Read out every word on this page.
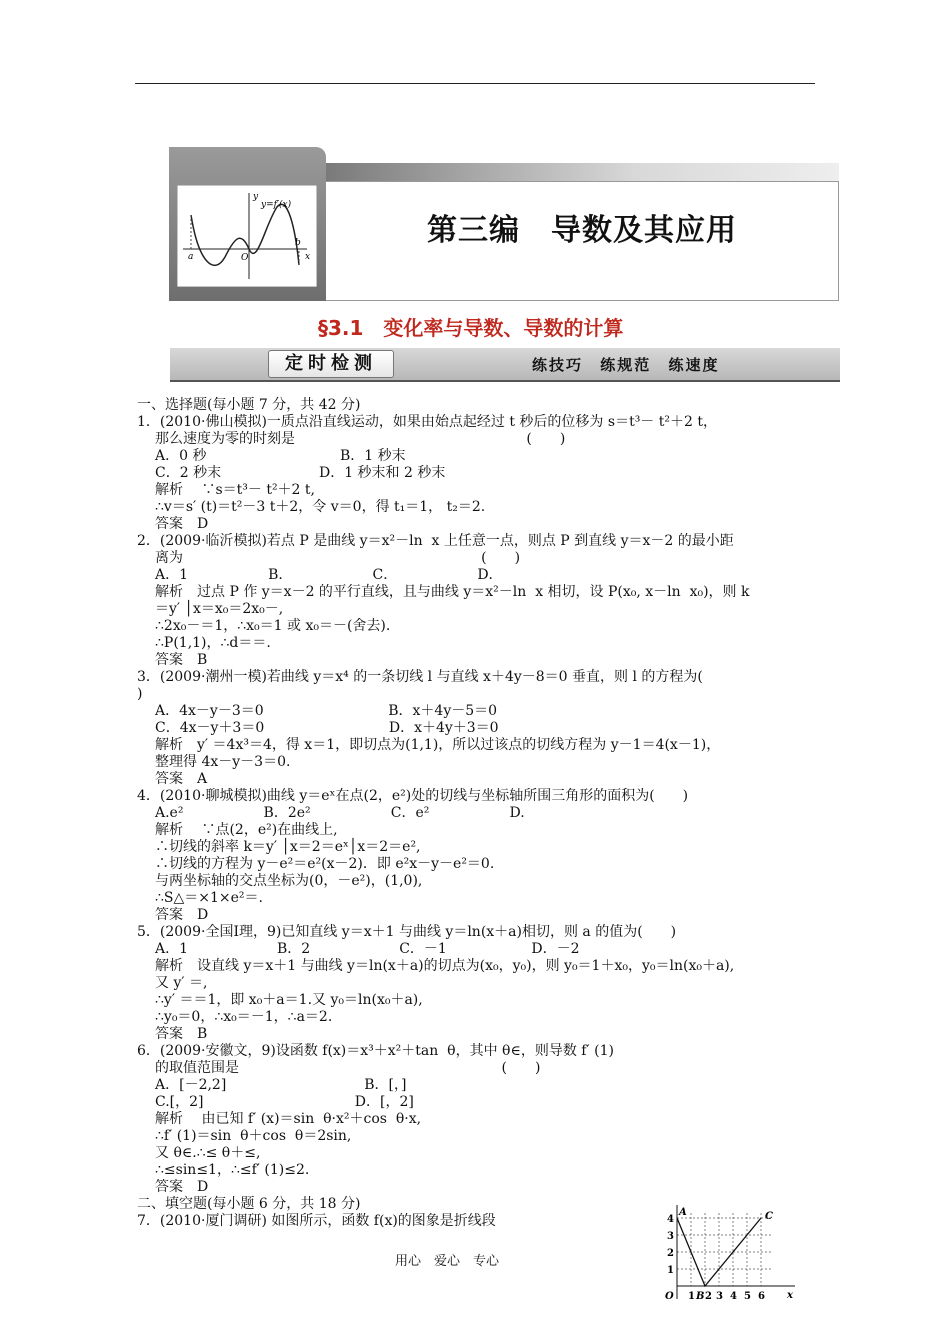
y
x
O
a
b
y=f′(x)
第三编　导数及其应用
§3.1　变化率与导数、导数的计算
定时检测	练技巧 练规范 练速度
一、选择题(每小题 7 分，共 42 分)
1．(2010·佛山模拟)一质点沿直线运动，如果由始点起经过 t 秒后的位移为 s＝t³－ t²＋2 t，
那么速度为零的时刻是                                                    (　　)
A．0 秒                              B．1 秒末
C．2 秒末                      D．1 秒末和 2 秒末
解析　 ∵s＝t³－ t²＋2 t,
∴v＝s′ (t)＝t²－3 t＋2，令 v＝0，得 t₁＝1， t₂＝2.
答案　D
2．(2009·临沂模拟)若点 P 是曲线 y＝x²－ln  x 上任意一点，则点 P 到直线 y＝x－2 的最小距
离为                                                                   (　　)
A．1                  B．                  C．                  D．
解析　过点 P 作 y＝x－2 的平行直线，且与曲线 y＝x²－ln  x 相切，设 P(x₀, x－ln  x₀)，则 k
＝y′ │x＝x₀＝2x₀－,
∴2x₀－＝1，∴x₀＝1 或 x₀＝－(舍去).
∴P(1,1)，∴d＝＝.
答案　B
3．(2009·潮州一模)若曲线 y＝x⁴ 的一条切线 l 与直线 x＋4y－8＝0 垂直，则 l 的方程为(
)
A．4x－y－3＝0                            B．x＋4y－5＝0
C．4x－y＋3＝0                            D．x＋4y＋3＝0
解析　y′ ＝4x³＝4，得 x＝1，即切点为(1,1)，所以过该点的切线方程为 y－1＝4(x－1)，
整理得 4x－y－3＝0.
答案　A
4．(2010·聊城模拟)曲线 y＝eˣ在点(2，e²)处的切线与坐标轴所围三角形的面积为(　　)
A.e²                  B．2e²                  C．e²                  D.
解析　 ∵点(2，e²)在曲线上,
∴切线的斜率 k＝y′ │x＝2＝eˣ│x＝2＝e²,
∴切线的方程为 y－e²＝e²(x－2)．即 e²x－y－e²＝0.
与两坐标轴的交点坐标为(0，－e²)，(1,0),
∴S△＝×1×e²＝.
答案　D
5．(2009·全国Ⅰ理，9)已知直线 y＝x＋1 与曲线 y＝ln(x＋a)相切，则 a 的值为(　　)
A．1                    B．2                    C．－1                   D．－2
解析　设直线 y＝x＋1 与曲线 y＝ln(x＋a)的切点为(x₀，y₀)，则 y₀＝1＋x₀，y₀＝ln(x₀＋a),
又 y′ ＝,
∴y′ ＝＝1，即 x₀＋a＝1.又 y₀＝ln(x₀＋a),
∴y₀＝0，∴x₀＝－1，∴a＝2.
答案　B
6．(2009·安徽文，9)设函数 f(x)＝x³＋x²＋tan  θ，其中 θ∈，则导数 f′ (1)
的取值范围是                                                           (　　)
A．[－2,2]                               B．[，]
C.[，2]                                  D．[，2]
解析　 由已知 f′ (x)＝sin  θ·x²＋cos  θ·x,
∴f′ (1)＝sin  θ＋cos  θ＝2sin,
又 θ∈.∴≤ θ＋≤,
∴≤sin≤1，∴≤f′ (1)≤2.
答案　D
二、填空题(每小题 6 分，共 18 分)
7．(2010·厦门调研) 如图所示，函数 f(x)的图象是折线段
A	C
B
O	x
4
3
2
1
1 2 3 4 5 6
用心　爱心　专心
